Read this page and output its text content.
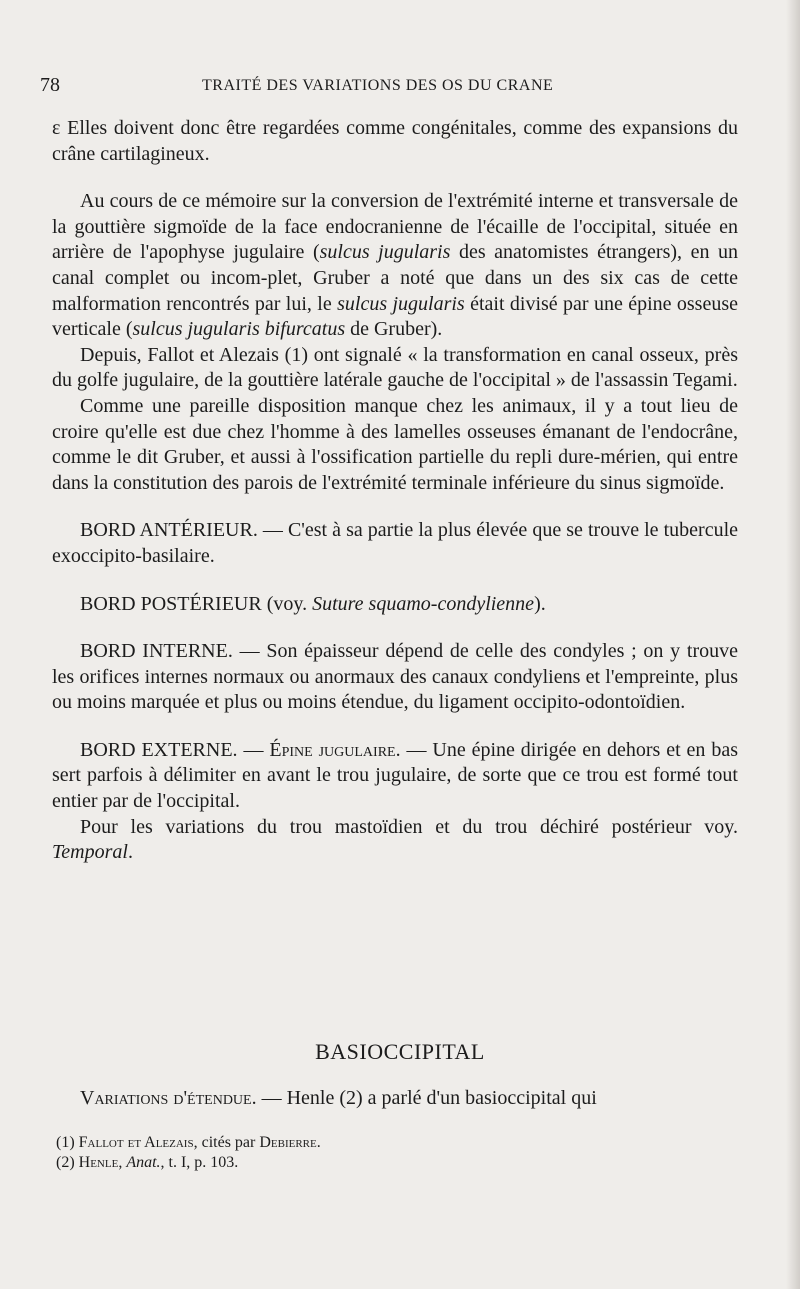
78	TRAITÉ DES VARIATIONS DES OS DU CRANE

ε Elles doivent donc être regardées comme congénitales, comme des expansions du crâne cartilagineux.

Au cours de ce mémoire sur la conversion de l'extrémité interne et transversale de la gouttière sigmoïde de la face endocranienne de l'écaille de l'occipital, située en arrière de l'apophyse jugulaire (sulcus jugularis des anatomistes étrangers), en un canal complet ou incom-plet, Gruber a noté que dans un des six cas de cette malformation rencontrés par lui, le sulcus jugularis était divisé par une épine osseuse verticale (sulcus jugularis bifurcatus de Gruber).

Depuis, Fallot et Alezais (1) ont signalé « la transformation en canal osseux, près du golfe jugulaire, de la gouttière latérale gauche de l'occipital » de l'assassin Tegami.

Comme une pareille disposition manque chez les animaux, il y a tout lieu de croire qu'elle est due chez l'homme à des lamelles osseuses émanant de l'endocrâne, comme le dit Gruber, et aussi à l'ossification partielle du repli dure-mérien, qui entre dans la constitution des parois de l'extrémité terminale inférieure du sinus sigmoïde.

BORD ANTÉRIEUR. — C'est à sa partie la plus élevée que se trouve le tubercule exoccipito-basilaire.

BORD POSTÉRIEUR (voy. Suture squamo-condylienne).

BORD INTERNE. — Son épaisseur dépend de celle des condyles ; on y trouve les orifices internes normaux ou anormaux des canaux condyliens et l'empreinte, plus ou moins marquée et plus ou moins étendue, du ligament occipito-odontoïdien.

BORD EXTERNE. — Épine jugulaire. — Une épine dirigée en dehors et en bas sert parfois à délimiter en avant le trou jugulaire, de sorte que ce trou est formé tout entier par de l'occipital.

Pour les variations du trou mastoïdien et du trou déchiré postérieur voy. Temporal.

BASIOCCIPITAL

Variations d'étendue. — Henle (2) a parlé d'un basioccipital qui

(1) Fallot et Alezais, cités par Debierre.

(2) Henle, Anat., t. I, p. 103.
